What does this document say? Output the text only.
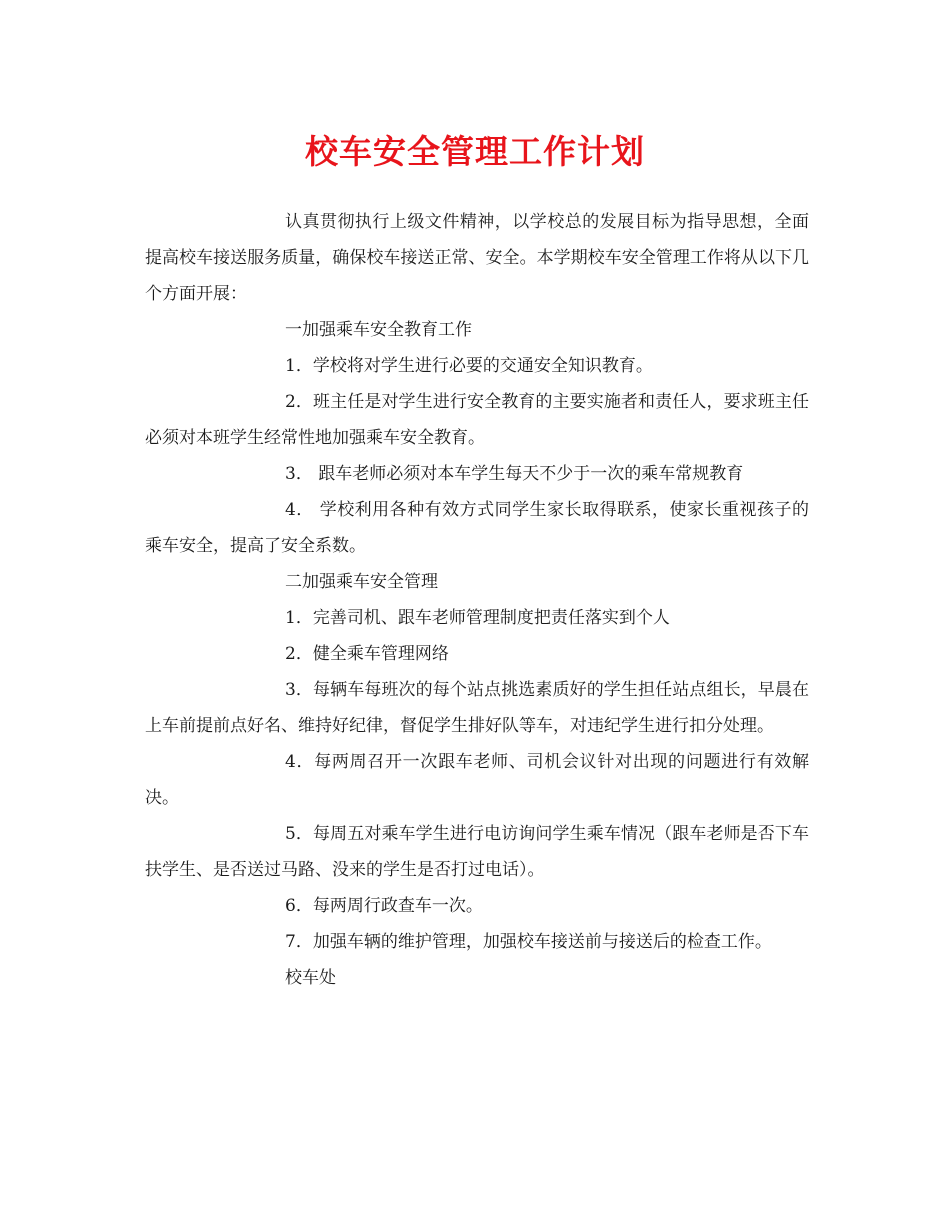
校车安全管理工作计划

认真贯彻执行上级文件精神，以学校总的发展目标为指导思想，全面提高校车接送服务质量，确保校车接送正常、安全。本学期校车安全管理工作将从以下几个方面开展：

一加强乘车安全教育工作

1．学校将对学生进行必要的交通安全知识教育。

2．班主任是对学生进行安全教育的主要实施者和责任人，要求班主任必须对本班学生经常性地加强乘车安全教育。

3． 跟车老师必须对本车学生每天不少于一次的乘车常规教育

4． 学校利用各种有效方式同学生家长取得联系，使家长重视孩子的乘车安全，提高了安全系数。

二加强乘车安全管理

1．完善司机、跟车老师管理制度把责任落实到个人

2．健全乘车管理网络

3．每辆车每班次的每个站点挑选素质好的学生担任站点组长，早晨在上车前提前点好名、维持好纪律，督促学生排好队等车，对违纪学生进行扣分处理。

4．每两周召开一次跟车老师、司机会议针对出现的问题进行有效解决。

5．每周五对乘车学生进行电访询问学生乘车情况（跟车老师是否下车扶学生、是否送过马路、没来的学生是否打过电话）。

6．每两周行政查车一次。

7．加强车辆的维护管理，加强校车接送前与接送后的检查工作。

校车处
